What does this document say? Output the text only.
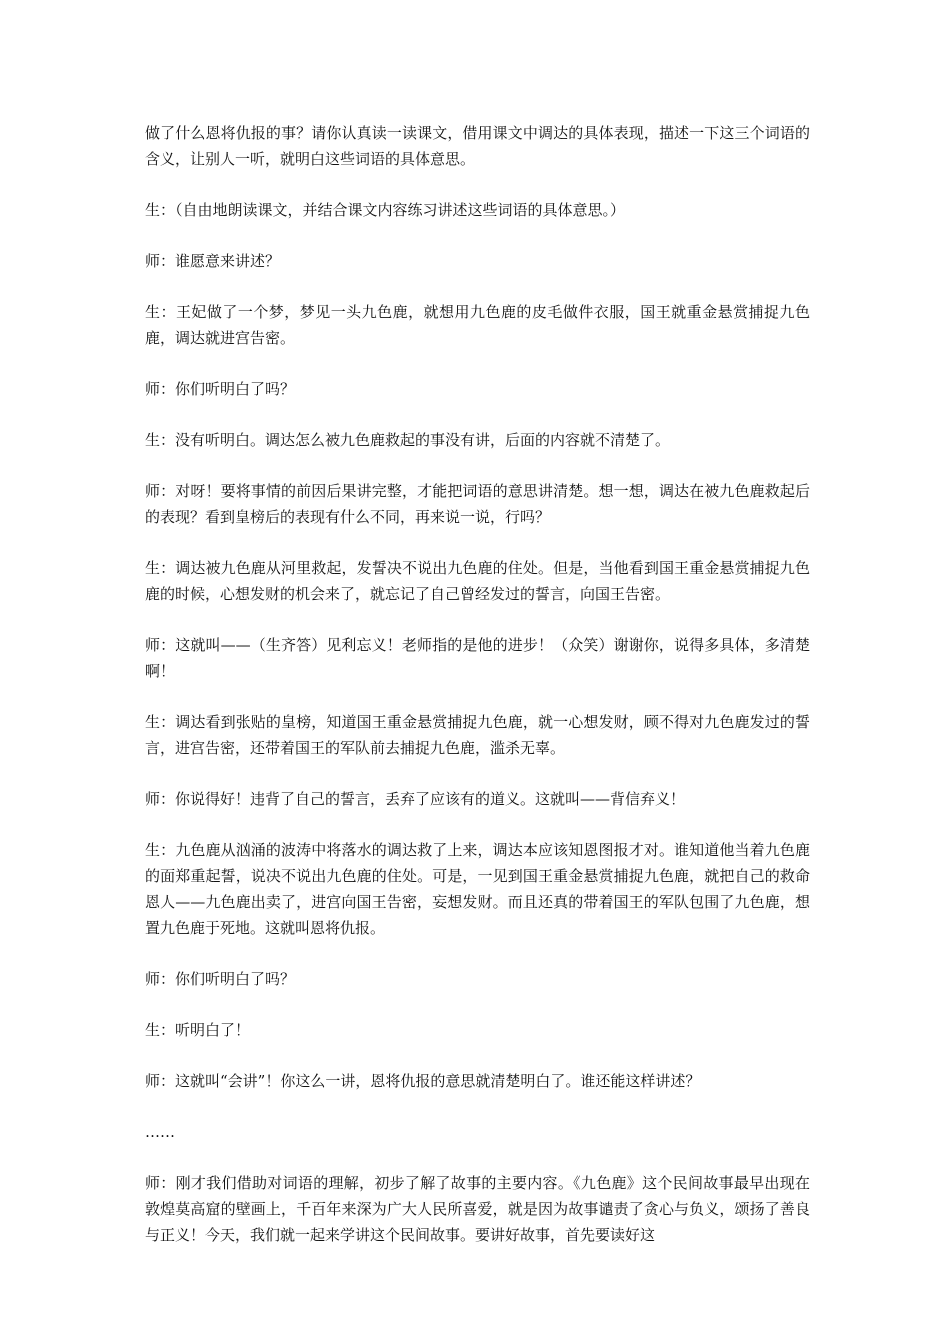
做了什么恩将仇报的事？请你认真读一读课文，借用课文中调达的具体表现，描述一下这三个词语的含义，让别人一听，就明白这些词语的具体意思。

生：（自由地朗读课文，并结合课文内容练习讲述这些词语的具体意思。）

师：谁愿意来讲述？

生：王妃做了一个梦，梦见一头九色鹿，就想用九色鹿的皮毛做件衣服，国王就重金悬赏捕捉九色鹿，调达就进宫告密。

师：你们听明白了吗？

生：没有听明白。调达怎么被九色鹿救起的事没有讲，后面的内容就不清楚了。

师：对呀！要将事情的前因后果讲完整，才能把词语的意思讲清楚。想一想，调达在被九色鹿救起后的表现？看到皇榜后的表现有什么不同，再来说一说，行吗？

生：调达被九色鹿从河里救起，发誓决不说出九色鹿的住处。但是，当他看到国王重金悬赏捕捉九色鹿的时候，心想发财的机会来了，就忘记了自己曾经发过的誓言，向国王告密。

师：这就叫——（生齐答）见利忘义！老师指的是他的进步！（众笑）谢谢你，说得多具体，多清楚啊！

生：调达看到张贴的皇榜，知道国王重金悬赏捕捉九色鹿，就一心想发财，顾不得对九色鹿发过的誓言，进宫告密，还带着国王的军队前去捕捉九色鹿，滥杀无辜。

师：你说得好！违背了自己的誓言，丢弃了应该有的道义。这就叫——背信弃义！

生：九色鹿从汹涌的波涛中将落水的调达救了上来，调达本应该知恩图报才对。谁知道他当着九色鹿的面郑重起誓，说决不说出九色鹿的住处。可是，一见到国王重金悬赏捕捉九色鹿，就把自己的救命恩人——九色鹿出卖了，进宫向国王告密，妄想发财。而且还真的带着国王的军队包围了九色鹿，想置九色鹿于死地。这就叫恩将仇报。

师：你们听明白了吗？

生：听明白了！

师：这就叫“会讲”！你这么一讲，恩将仇报的意思就清楚明白了。谁还能这样讲述？

……

师：刚才我们借助对词语的理解，初步了解了故事的主要内容。《九色鹿》这个民间故事最早出现在敦煌莫高窟的壁画上，千百年来深为广大人民所喜爱，就是因为故事谴责了贪心与负义，颂扬了善良与正义！今天，我们就一起来学讲这个民间故事。要讲好故事，首先要读好这
